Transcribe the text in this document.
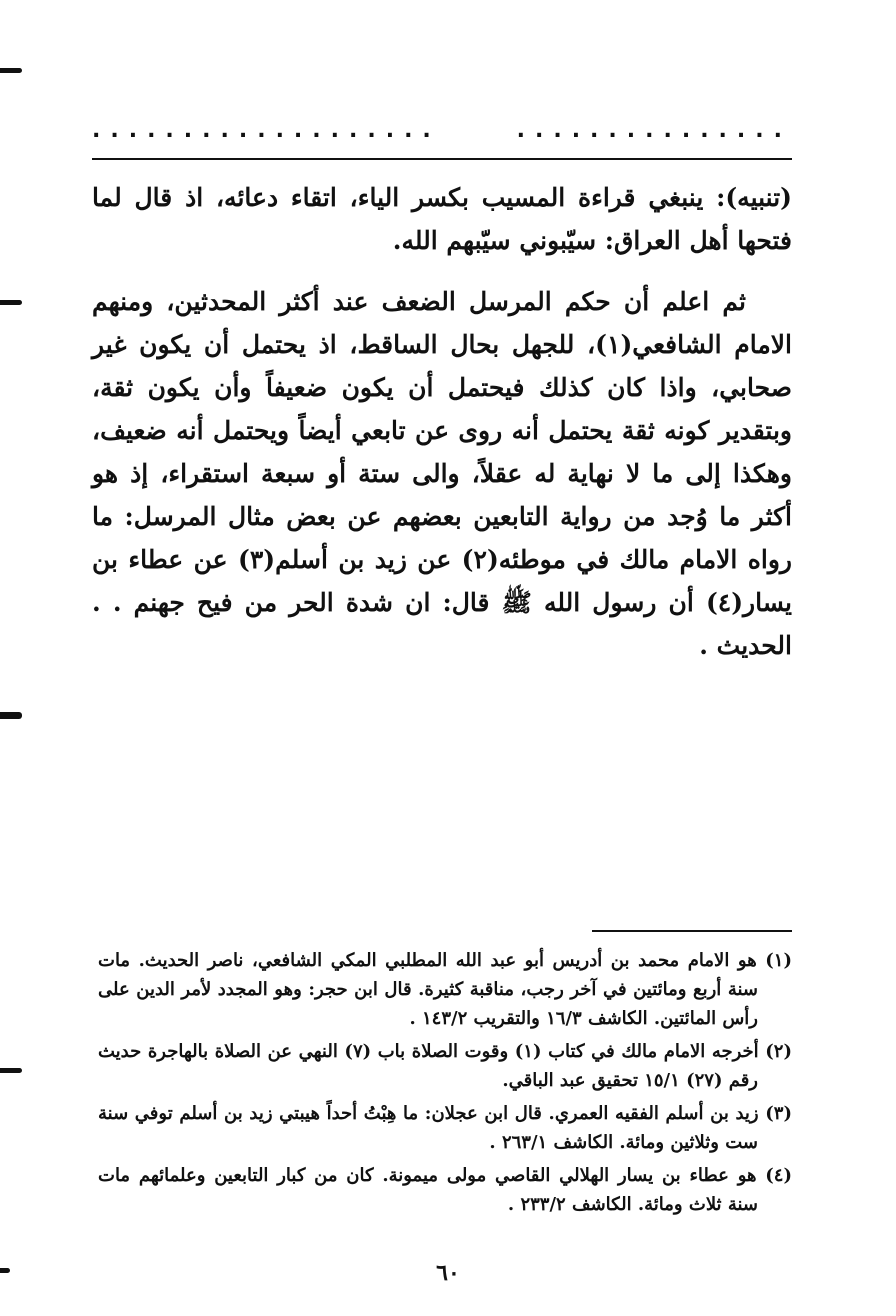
...............
...................

(تنبيه): ينبغي قراءة المسيب بكسر الياء، اتقاء دعائه، اذ قال لما فتحها أهل العراق: سيّبوني سيّبهم الله.

ثم اعلم أن حكم المرسل الضعف عند أكثر المحدثين، ومنهم الامام الشافعي(١)، للجهل بحال الساقط، اذ يحتمل أن يكون غير صحابي، واذا كان كذلك فيحتمل أن يكون ضعيفاً وأن يكون ثقة، وبتقدير كونه ثقة يحتمل أنه روى عن تابعي أيضاً ويحتمل أنه ضعيف، وهكذا إلى ما لا نهاية له عقلاً، والى ستة أو سبعة استقراء، إذ هو أكثر ما وُجد من رواية التابعين بعضهم عن بعض مثال المرسل: ما رواه الامام مالك في موطئه(٢) عن زيد بن أسلم(٣) عن عطاء بن يسار(٤) أن رسول الله ﷺ قال: ان شدة الحر من فيح جهنم . . الحديث .

(١) هو الامام محمد بن أدريس أبو عبد الله المطلبي المكي الشافعي، ناصر الحديث. مات سنة أربع ومائتين في آخر رجب، مناقبة كثيرة. قال ابن حجر: وهو المجدد لأمر الدين على رأس المائتين. الكاشف ١٦/٣ والتقريب ١٤٣/٢ .

(٢) أخرجه الامام مالك في كتاب (١) وقوت الصلاة باب (٧) النهي عن الصلاة بالهاجرة حديث رقم (٢٧) ١٥/١ تحقيق عبد الباقي.

(٣) زيد بن أسلم الفقيه العمري. قال ابن عجلان: ما هِبْتُ أحداً هيبتي زيد بن أسلم توفي سنة ست وثلاثين ومائة. الكاشف ٢٦٣/١ .

(٤) هو عطاء بن يسار الهلالي القاصي مولى ميمونة. كان من كبار التابعين وعلمائهم مات سنة ثلاث ومائة. الكاشف ٢٣٣/٢ .

٦٠
